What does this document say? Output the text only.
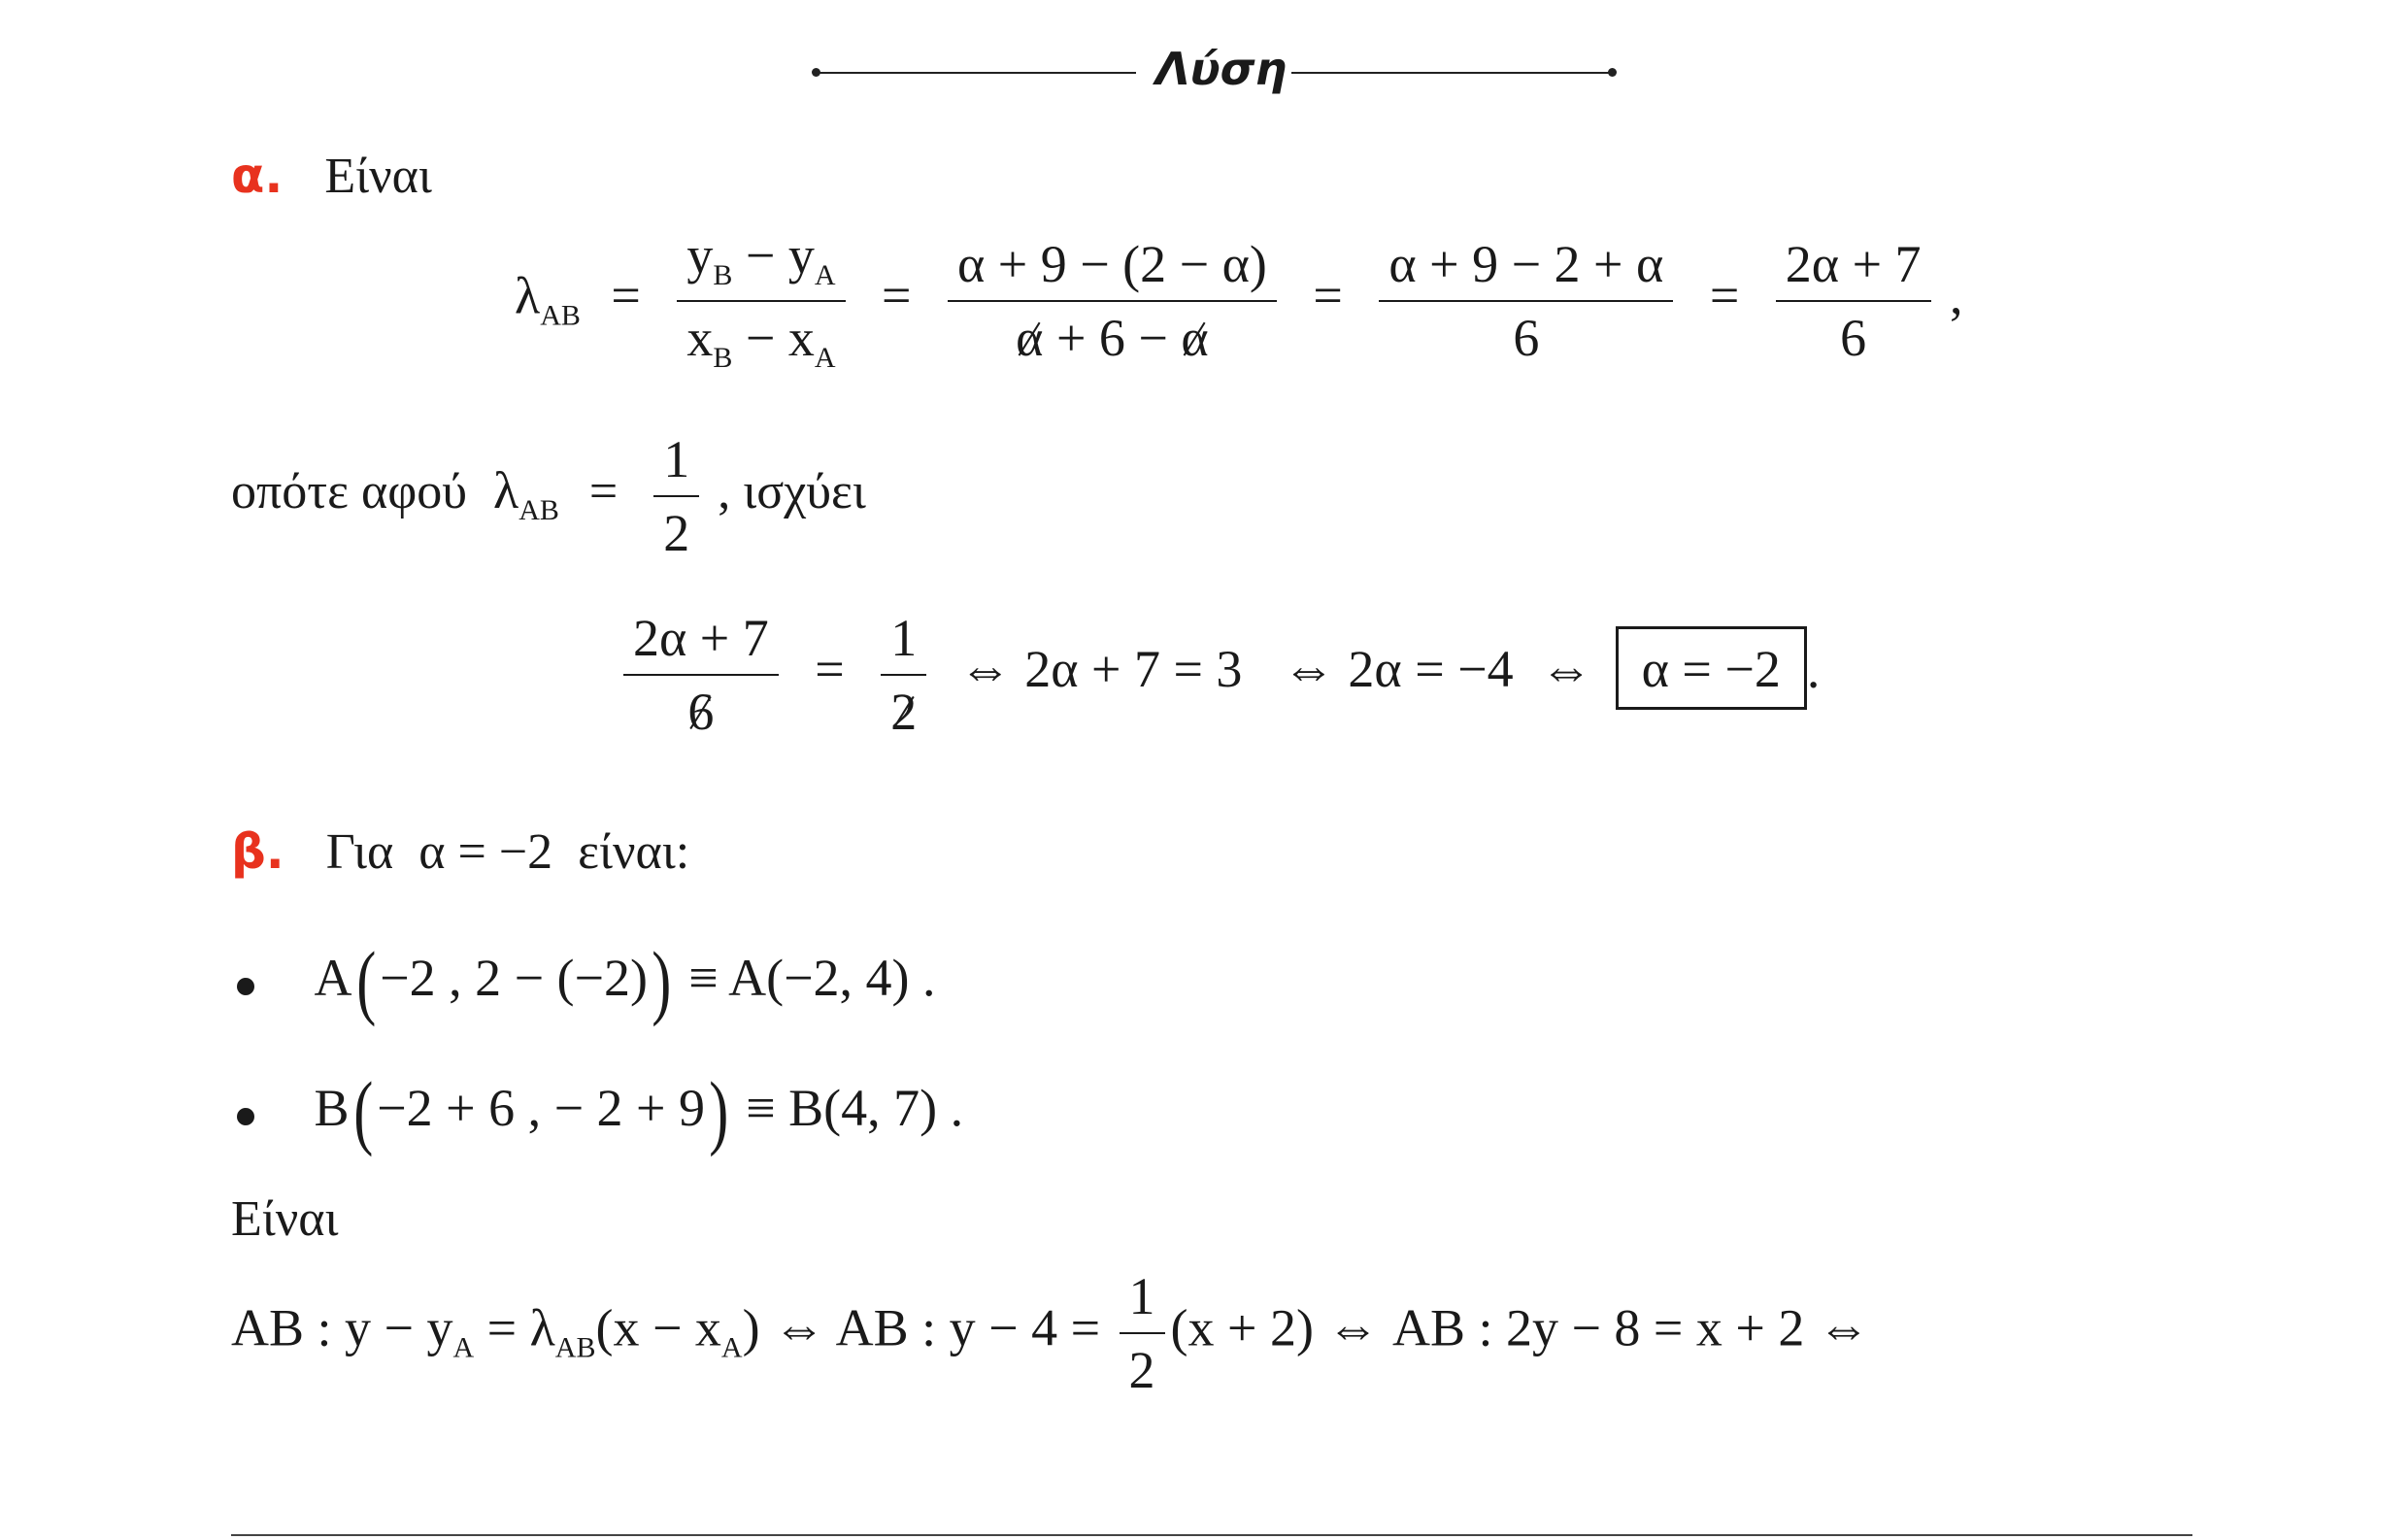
Λύση
α. Είναι
$\lambda_{AB} = \frac{y_B - y_A}{x_B - x_A} = \frac{\alpha + 9 - (2 - \alpha)}{\alpha + 6 - \alpha} = \frac{\alpha + 9 - 2 + \alpha}{6} = \frac{2\alpha + 7}{6}$ ,
οπότε αφού $\lambda_{AB} = \frac{1}{2}$ , ισχύει
$\frac{2\alpha + 7}{6} = \frac{1}{2}$ ⇔ 2α + 7 = 3 ⇔ 2α = −4 ⇔ α = −2 .
β. Για  α = −2  είναι:
Α(−2 , 2 − (−2)) ≡ Α(−2, 4) .
Β(−2 + 6 , − 2 + 9) ≡ Β(4, 7) .
Είναι
ΑΒ : $y - y_A = \lambda_{AB}(x - x_A)$ ⇔ ΑΒ : $y - 4 = \frac{1}{2} (x + 2)$ ⇔ ΑΒ : 2y − 8 = x + 2 ⇔
